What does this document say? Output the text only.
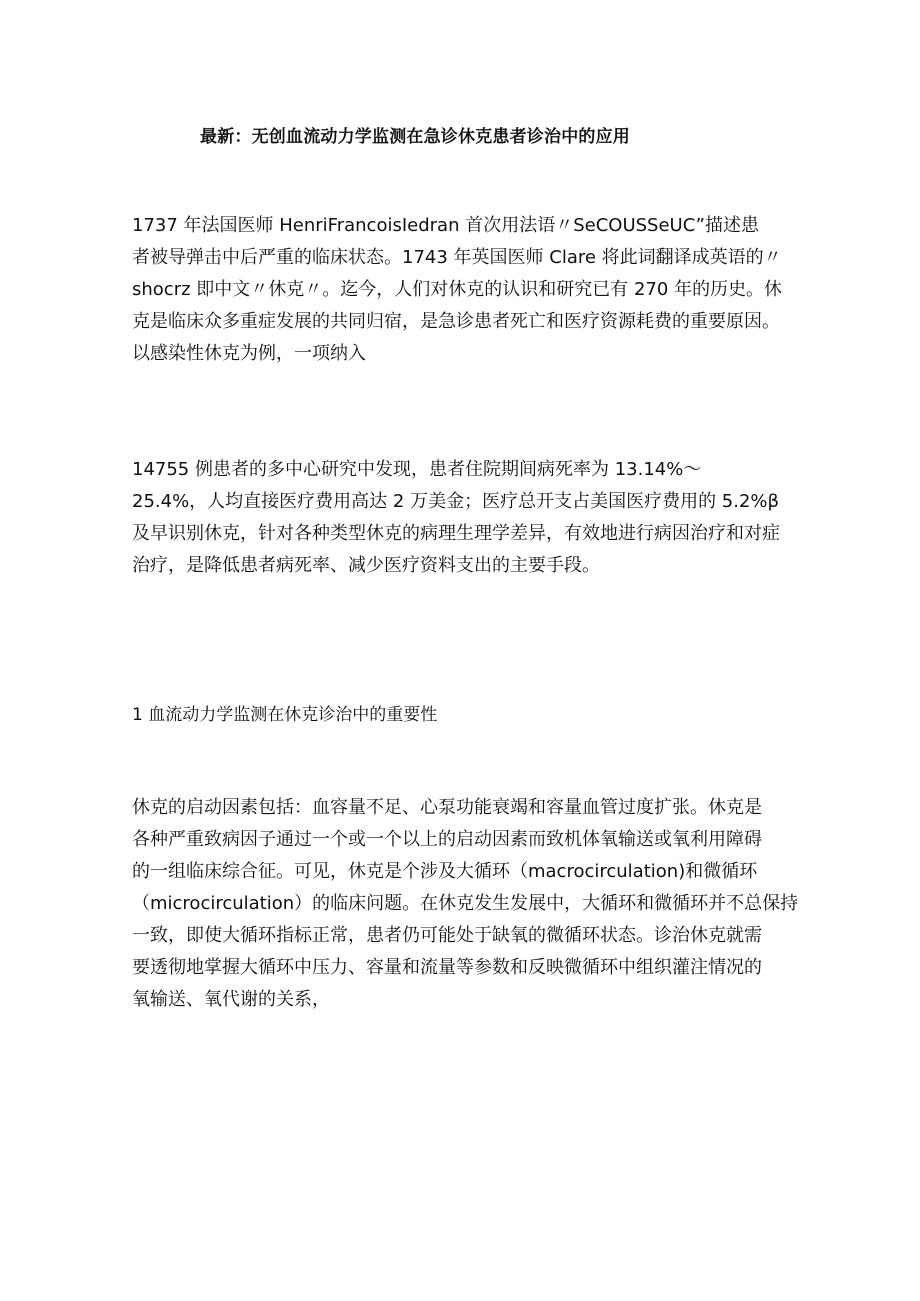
最新：无创血流动力学监测在急诊休克患者诊治中的应用
1737 年法国医师 HenriFrancoisIedran 首次用法语〃SeCOUSSeUC”描述患
者被导弹击中后严重的临床状态。1743 年英国医师 Clare 将此词翻译成英语的〃
shocrz 即中文〃休克〃。迄今，人们对休克的认识和研究已有 270 年的历史。休
克是临床众多重症发展的共同归宿，是急诊患者死亡和医疗资源耗费的重要原因。
以感染性休克为例，一项纳入
14755 例患者的多中心研究中发现，患者住院期间病死率为 13.14%～
25.4%，人均直接医疗费用高达 2 万美金；医疗总开支占美国医疗费用的 5.2%β
及早识别休克，针对各种类型休克的病理生理学差异，有效地进行病因治疗和对症
治疗，是降低患者病死率、减少医疗资料支出的主要手段。
1 血流动力学监测在休克诊治中的重要性
休克的启动因素包括：血容量不足、心泵功能衰竭和容量血管过度扩张。休克是
各种严重致病因子通过一个或一个以上的启动因素而致机体氧输送或氧利用障碍
的一组临床综合征。可见，休克是个涉及大循环（macrocirculation)和微循环
（microcirculation）的临床问题。在休克发生发展中，大循环和微循环并不总保持
一致，即使大循环指标正常，患者仍可能处于缺氧的微循环状态。诊治休克就需
要透彻地掌握大循环中压力、容量和流量等参数和反映微循环中组织灌注情况的
氧输送、氧代谢的关系，
